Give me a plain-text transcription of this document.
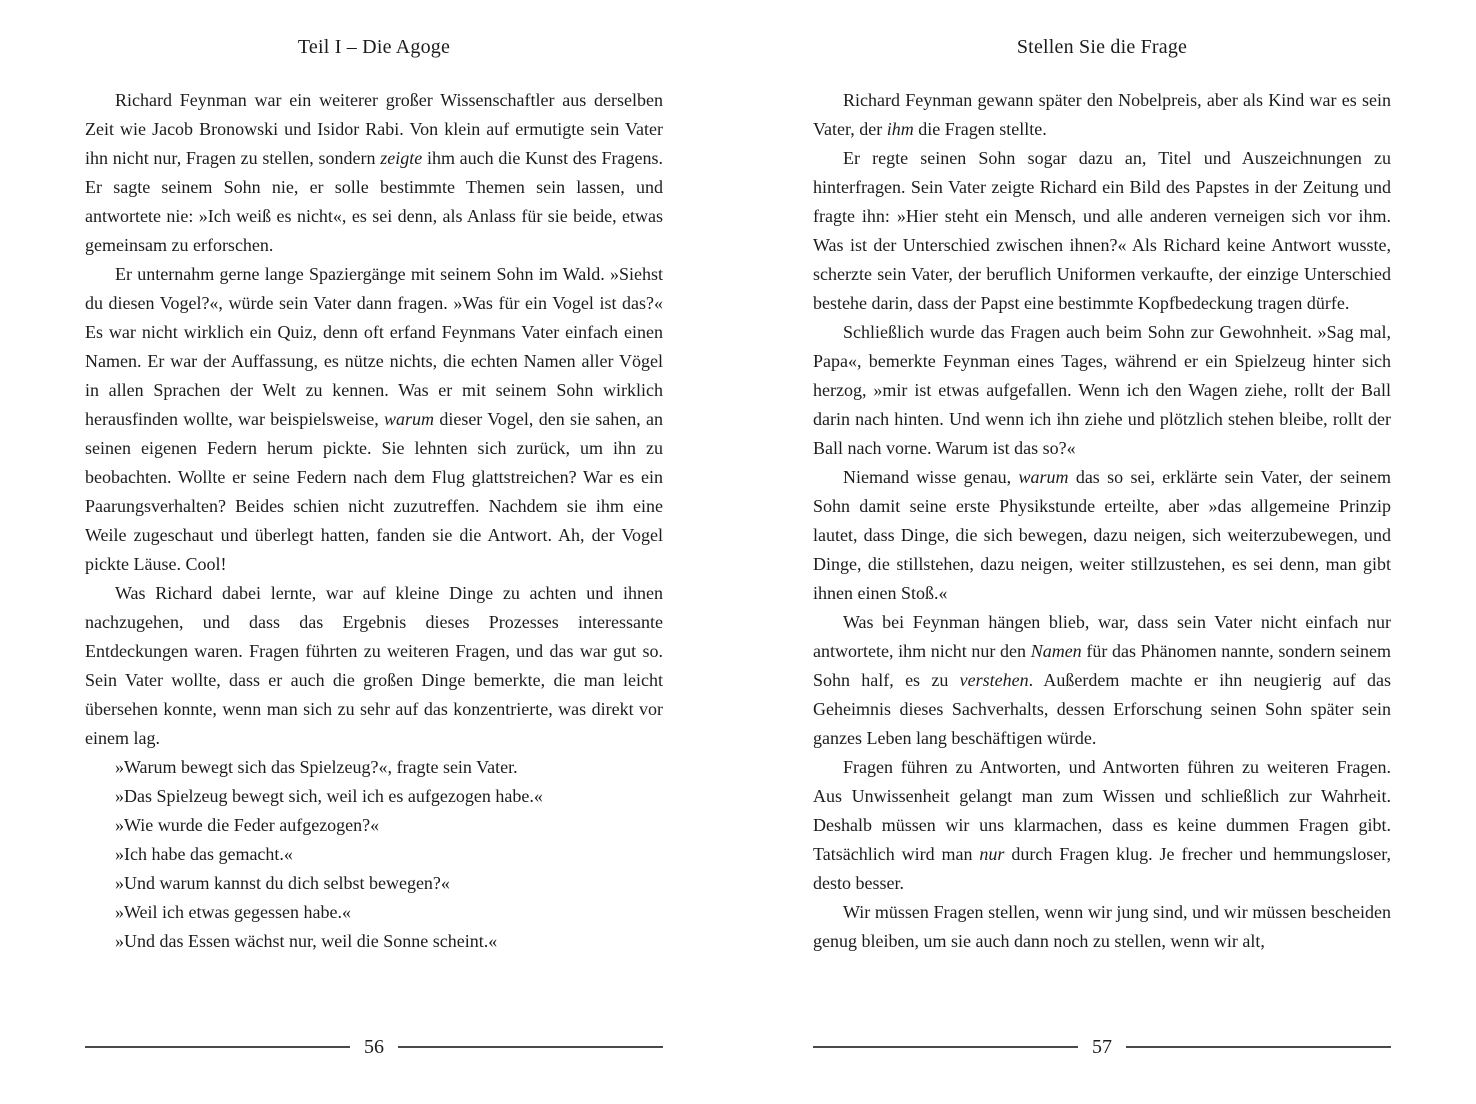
Teil I – Die Agoge

Richard Feynman war ein weiterer großer Wissenschaftler aus derselben Zeit wie Jacob Bronowski und Isidor Rabi. Von klein auf ermutigte sein Vater ihn nicht nur, Fragen zu stellen, sondern zeigte ihm auch die Kunst des Fragens. Er sagte seinem Sohn nie, er solle bestimmte Themen sein lassen, und antwortete nie: »Ich weiß es nicht«, es sei denn, als Anlass für sie beide, etwas gemeinsam zu erforschen.

Er unternahm gerne lange Spaziergänge mit seinem Sohn im Wald. »Siehst du diesen Vogel?«, würde sein Vater dann fragen. »Was für ein Vogel ist das?« Es war nicht wirklich ein Quiz, denn oft erfand Feynmans Vater einfach einen Namen. Er war der Auffassung, es nütze nichts, die echten Namen aller Vögel in allen Sprachen der Welt zu kennen. Was er mit seinem Sohn wirklich herausfinden wollte, war beispielsweise, warum dieser Vogel, den sie sahen, an seinen eigenen Federn herum pickte. Sie lehnten sich zurück, um ihn zu beobachten. Wollte er seine Federn nach dem Flug glattstreichen? War es ein Paarungsverhalten? Beides schien nicht zuzutreffen. Nachdem sie ihm eine Weile zugeschaut und überlegt hatten, fanden sie die Antwort. Ah, der Vogel pickte Läuse. Cool!

Was Richard dabei lernte, war auf kleine Dinge zu achten und ihnen nachzugehen, und dass das Ergebnis dieses Prozesses interessante Entdeckungen waren. Fragen führten zu weiteren Fragen, und das war gut so. Sein Vater wollte, dass er auch die großen Dinge bemerkte, die man leicht übersehen konnte, wenn man sich zu sehr auf das konzentrierte, was direkt vor einem lag.

»Warum bewegt sich das Spielzeug?«, fragte sein Vater.

»Das Spielzeug bewegt sich, weil ich es aufgezogen habe.«

»Wie wurde die Feder aufgezogen?«

»Ich habe das gemacht.«

»Und warum kannst du dich selbst bewegen?«

»Weil ich etwas gegessen habe.«

»Und das Essen wächst nur, weil die Sonne scheint.«

56
Stellen Sie die Frage

Richard Feynman gewann später den Nobelpreis, aber als Kind war es sein Vater, der ihm die Fragen stellte.

Er regte seinen Sohn sogar dazu an, Titel und Auszeichnungen zu hinterfragen. Sein Vater zeigte Richard ein Bild des Papstes in der Zeitung und fragte ihn: »Hier steht ein Mensch, und alle anderen verneigen sich vor ihm. Was ist der Unterschied zwischen ihnen?« Als Richard keine Antwort wusste, scherzte sein Vater, der beruflich Uniformen verkaufte, der einzige Unterschied bestehe darin, dass der Papst eine bestimmte Kopfbedeckung tragen dürfe.

Schließlich wurde das Fragen auch beim Sohn zur Gewohnheit. »Sag mal, Papa«, bemerkte Feynman eines Tages, während er ein Spielzeug hinter sich herzog, »mir ist etwas aufgefallen. Wenn ich den Wagen ziehe, rollt der Ball darin nach hinten. Und wenn ich ihn ziehe und plötzlich stehen bleibe, rollt der Ball nach vorne. Warum ist das so?«

Niemand wisse genau, warum das so sei, erklärte sein Vater, der seinem Sohn damit seine erste Physikstunde erteilte, aber »das allgemeine Prinzip lautet, dass Dinge, die sich bewegen, dazu neigen, sich weiterzubewegen, und Dinge, die stillstehen, dazu neigen, weiter stillzustehen, es sei denn, man gibt ihnen einen Stoß.«

Was bei Feynman hängen blieb, war, dass sein Vater nicht einfach nur antwortete, ihm nicht nur den Namen für das Phänomen nannte, sondern seinem Sohn half, es zu verstehen. Außerdem machte er ihn neugierig auf das Geheimnis dieses Sachverhalts, dessen Erforschung seinen Sohn später sein ganzes Leben lang beschäftigen würde.

Fragen führen zu Antworten, und Antworten führen zu weiteren Fragen. Aus Unwissenheit gelangt man zum Wissen und schließlich zur Wahrheit. Deshalb müssen wir uns klarmachen, dass es keine dummen Fragen gibt. Tatsächlich wird man nur durch Fragen klug. Je frecher und hemmungsloser, desto besser.

Wir müssen Fragen stellen, wenn wir jung sind, und wir müssen bescheiden genug bleiben, um sie auch dann noch zu stellen, wenn wir alt,

57
